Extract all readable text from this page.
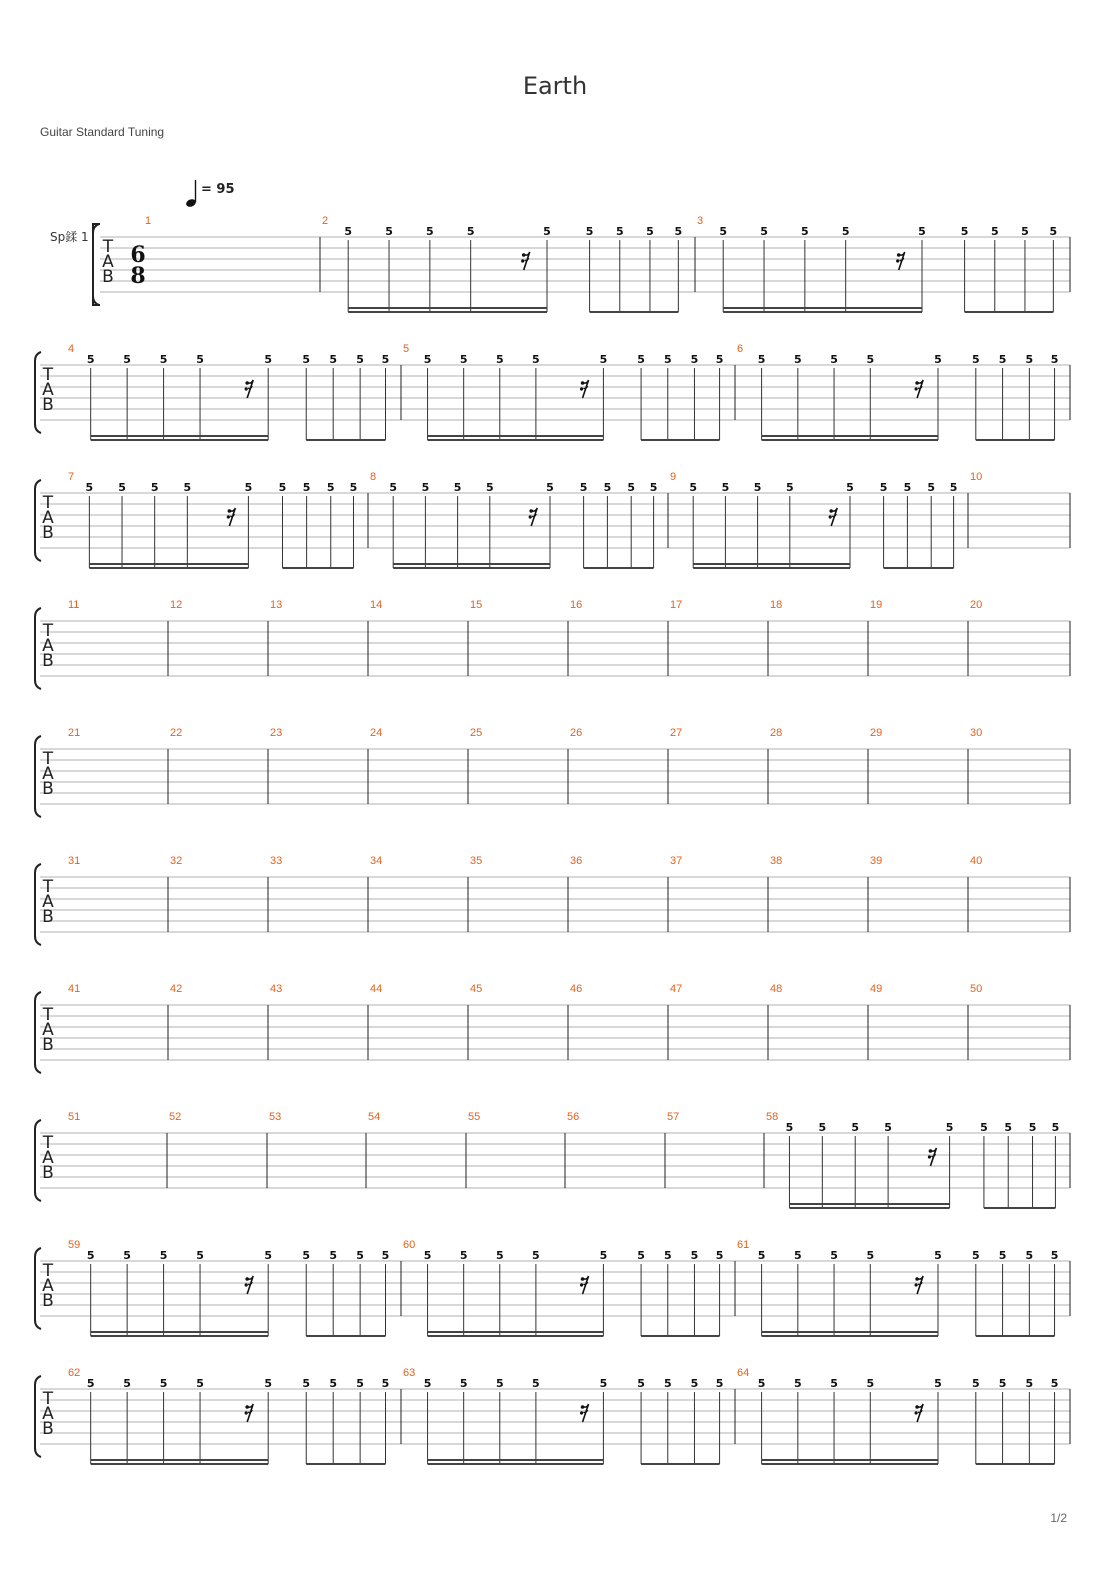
Earth
Guitar Standard Tuning
1/2
T
A
B
Sp鍒 1
6
8
= 95
1	2
5	5	5	5	5	5 5 5 5
3
5	5	5	5	5	5 5 5 5
T
A
B
4
5	5	5	5	5	5 5 5 5
5
5	5	5	5	5	5 5 5 5
6
5	5	5	5	5	5 5 5 5
T
A
B
7
5 5 5 5	5 5 5 5 5
8
5 5 5 5	5 5 5 5 5
9
5 5 5 5	5 5 5 5 5
10
T
A
B
11	12	13	14	15	16	17	18	19	20
T
A
B
21	22	23	24	25	26	27	28	29	30
T
A
B
31	32	33	34	35	36	37	38	39	40
T
A
B
41	42	43	44	45	46	47	48	49	50
T
A
B
51	52	53	54	55	56	57	58
5 5 5 5	5 5 5 5 5
T
A
B
59
5	5	5	5	5	5 5 5 5
60
5	5	5	5	5	5 5 5 5
61
5	5	5	5	5	5 5 5 5
T
A
B
62
5	5	5	5	5	5 5 5 5
63
5	5	5	5	5	5 5 5 5
64
5	5	5	5	5	5 5 5 5
